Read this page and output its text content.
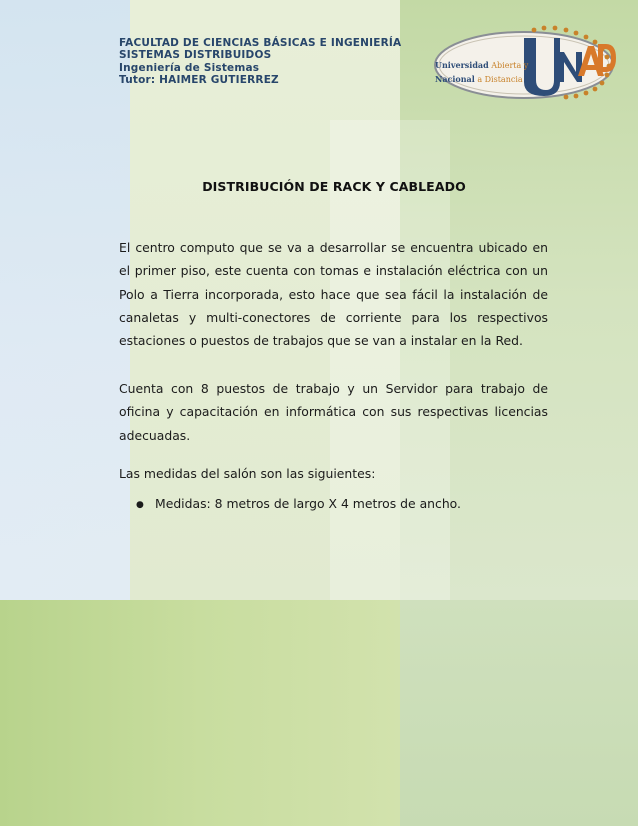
FACULTAD DE CIENCIAS BÁSICAS E INGENIERÍA
SISTEMAS DISTRIBUIDOS
Ingeniería de Sistemas
Tutor: HAIMER GUTIERREZ
Universidad Abierta y
Nacional a Distancia
DISTRIBUCIÓN DE RACK Y CABLEADO
El centro computo que se va a desarrollar se encuentra ubicado en
el primer piso, este cuenta con tomas e instalación eléctrica con un
Polo a Tierra incorporada, esto hace que sea fácil la instalación de
canaletas y multi-conectores de corriente para los respectivos
estaciones o puestos de trabajos que se van a instalar en la Red.
Cuenta con 8 puestos de trabajo y un Servidor para trabajo de
oficina y capacitación en informática con sus respectivas licencias
adecuadas.
Las medidas del salón son las siguientes:
● Medidas: 8 metros de largo X 4 metros de ancho.
